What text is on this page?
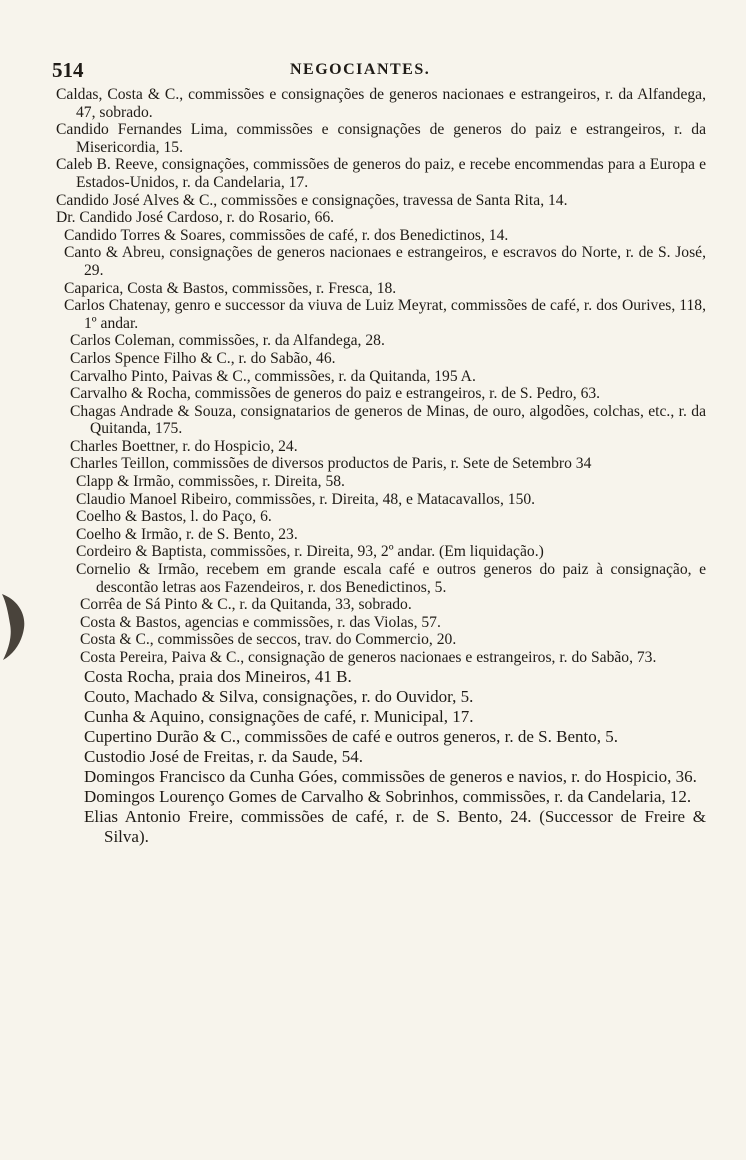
514	NEGOCIANTES.

Caldas, Costa & C., commissões e consignações de generos nacionaes e estrangeiros, r. da Alfandega, 47, sobrado.

Candido Fernandes Lima, commissões e consignações de generos do paiz e estrangeiros, r. da Misericordia, 15.

Caleb B. Reeve, consignações, commissões de generos do paiz, e recebe encommendas para a Europa e Estados-Unidos, r. da Candelaria, 17.

Candido José Alves & C., commissões e consignações, travessa de Santa Rita, 14.

Dr. Candido José Cardoso, r. do Rosario, 66.

Candido Torres & Soares, commissões de café, r. dos Benedictinos, 14.

Canto & Abreu, consignações de generos nacionaes e estrangeiros, e escravos do Norte, r. de S. José, 29.

Caparica, Costa & Bastos, commissões, r. Fresca, 18.

Carlos Chatenay, genro e successor da viuva de Luiz Meyrat, commissões de café, r. dos Ourives, 118, 1º andar.

Carlos Coleman, commissões, r. da Alfandega, 28.

Carlos Spence Filho & C., r. do Sabão, 46.

Carvalho Pinto, Paivas & C., commissões, r. da Quitanda, 195 A.

Carvalho & Rocha, commissões de generos do paiz e estrangeiros, r. de S. Pedro, 63.

Chagas Andrade & Souza, consignatarios de generos de Minas, de ouro, algodões, colchas, etc., r. da Quitanda, 175.

Charles Boettner, r. do Hospicio, 24.

Charles Teillon, commissões de diversos productos de Paris, r. Sete de Setembro 34

Clapp & Irmão, commissões, r. Direita, 58.

Claudio Manoel Ribeiro, commissões, r. Direita, 48, e Matacavallos, 150.

Coelho & Bastos, l. do Paço, 6.

Coelho & Irmão, r. de S. Bento, 23.

Cordeiro & Baptista, commissões, r. Direita, 93, 2º andar. (Em liquidação.)

Cornelio & Irmão, recebem em grande escala café e outros generos do paiz à consignação, e descontão letras aos Fazendeiros, r. dos Benedictinos, 5.

Corrêa de Sá Pinto & C., r. da Quitanda, 33, sobrado.

Costa & Bastos, agencias e commissões, r. das Violas, 57.

Costa & C., commissões de seccos, trav. do Commercio, 20.

Costa Pereira, Paiva & C., consignação de generos nacionaes e estrangeiros, r. do Sabão, 73.

Costa Rocha, praia dos Mineiros, 41 B.

Couto, Machado & Silva, consignações, r. do Ouvidor, 5.

Cunha & Aquino, consignações de café, r. Municipal, 17.

Cupertino Durão & C., commissões de café e outros generos, r. de S. Bento, 5.

Custodio José de Freitas, r. da Saude, 54.

Domingos Francisco da Cunha Góes, commissões de generos e navios, r. do Hospicio, 36.

Domingos Lourenço Gomes de Carvalho & Sobrinhos, commissões, r. da Candelaria, 12.

Elias Antonio Freire, commissões de café, r. de S. Bento, 24. (Successor de Freire & Silva).
